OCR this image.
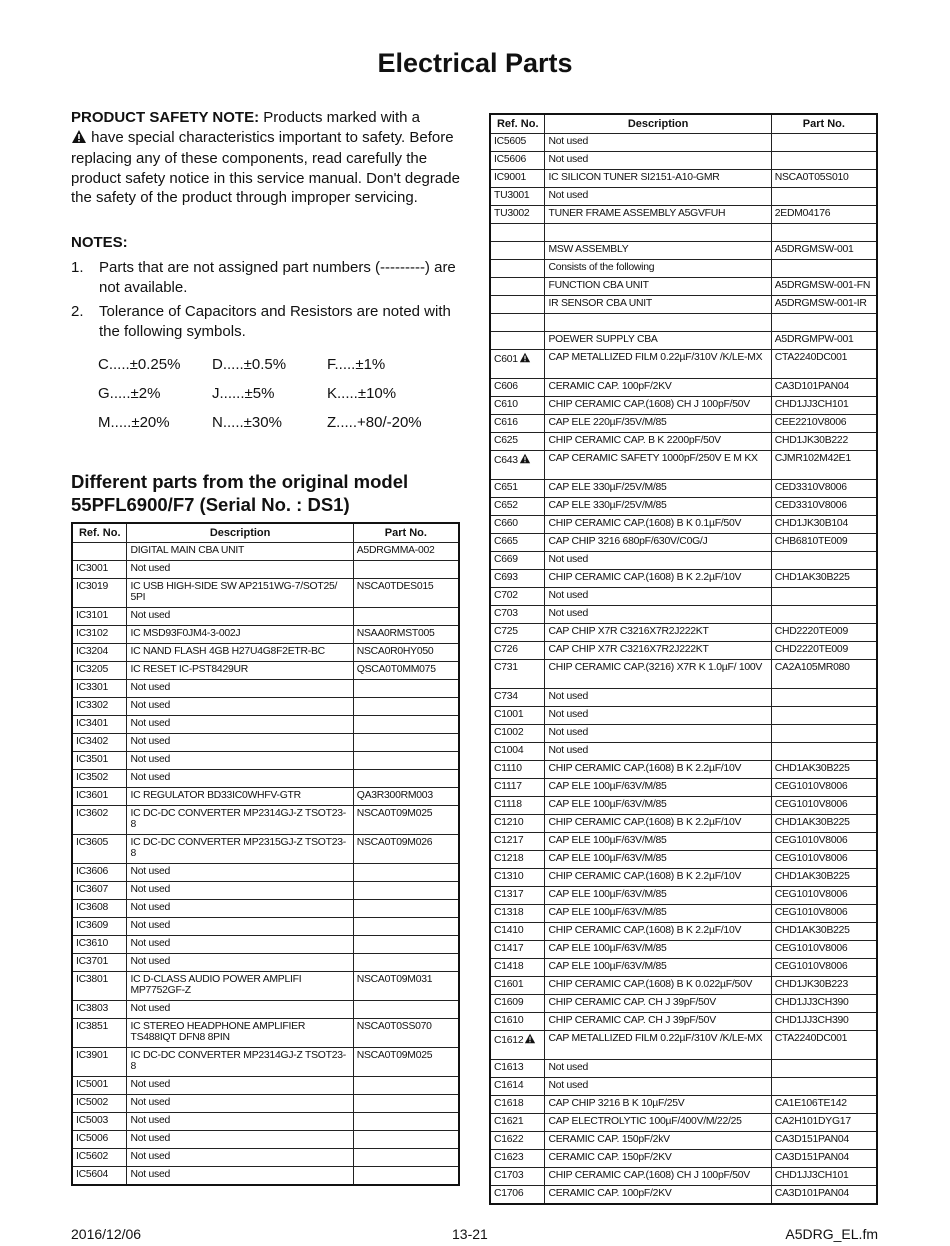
Electrical Parts
PRODUCT SAFETY NOTE: Products marked with a
have special characteristics important to safety. Before replacing any of these components, read carefully the product safety notice in this service manual. Don't degrade the safety of the product through improper servicing.
NOTES:
1. Parts that are not assigned part numbers (---------) are not available.
2. Tolerance of Capacitors and Resistors are noted with the following symbols.
C.....±0.25% D.....±0.5%	F.....±1%
G.....±2%	J......±5%	K.....±10%
M.....±20%	N.....±30%	Z.....+80/-20%
Different parts from the original model 55PFL6900/F7 (Serial No. : DS1)
Ref. No.	Description	Part No.
	DIGITAL MAIN CBA UNIT	A5DRGMMA-002
IC3001	Not used	
IC3019	IC USB HIGH-SIDE SW AP2151WG-7/SOT25/ 5PI	NSCA0TDES015
IC3101	Not used	
IC3102	IC MSD93F0JM4-3-002J	NSAA0RMST005
IC3204	IC NAND FLASH 4GB H27U4G8F2ETR-BC	NSCA0R0HY050
IC3205	IC RESET IC-PST8429UR	QSCA0T0MM075
IC3301	Not used	
IC3302	Not used	
IC3401	Not used	
IC3402	Not used	
IC3501	Not used	
IC3502	Not used	
IC3601	IC REGULATOR BD33IC0WHFV-GTR	QA3R300RM003
IC3602	IC DC-DC CONVERTER MP2314GJ-Z TSOT23-8	NSCA0T09M025
IC3605	IC DC-DC CONVERTER MP2315GJ-Z TSOT23-8	NSCA0T09M026
IC3606	Not used	
IC3607	Not used	
IC3608	Not used	
IC3609	Not used	
IC3610	Not used	
IC3701	Not used	
IC3801	IC D-CLASS AUDIO POWER AMPLIFI MP7752GF-Z	NSCA0T09M031
IC3803	Not used	
IC3851	IC STEREO HEADPHONE AMPLIFIER TS488IQT DFN8 8PIN	NSCA0T0SS070
IC3901	IC DC-DC CONVERTER MP2314GJ-Z TSOT23-8	NSCA0T09M025
IC5001	Not used	
IC5002	Not used	
IC5003	Not used	
IC5006	Not used	
IC5602	Not used	
IC5604	Not used	
Ref. No.	Description	Part No.
IC5605	Not used	
IC5606	Not used	
IC9001	IC SILICON TUNER SI2151-A10-GMR	NSCA0T05S010
TU3001	Not used	
TU3002	TUNER FRAME ASSEMBLY A5GVFUH	2EDM04176

	MSW ASSEMBLY	A5DRGMSW-001
	Consists of the following	
	FUNCTION CBA UNIT	A5DRGMSW-001-FN
	IR SENSOR CBA UNIT	A5DRGMSW-001-IR

	POEWER SUPPLY CBA	A5DRGMPW-001
C601	CAP METALLIZED FILM 0.22µF/310V /K/LE-MX	CTA2240DC001
C606	CERAMIC CAP. 100pF/2KV	CA3D101PAN04
C610	CHIP CERAMIC CAP.(1608) CH J 100pF/50V	CHD1JJ3CH101
C616	CAP ELE 220µF/35V/M/85	CEE2210V8006
C625	CHIP CERAMIC CAP. B K 2200pF/50V	CHD1JK30B222
C643	CAP CERAMIC SAFETY 1000pF/250V E M KX	CJMR102M42E1
C651	CAP ELE 330µF/25V/M/85	CED3310V8006
C652	CAP ELE 330µF/25V/M/85	CED3310V8006
C660	CHIP CERAMIC CAP.(1608) B K 0.1µF/50V	CHD1JK30B104
C665	CAP CHIP 3216 680pF/630V/C0G/J	CHB6810TE009
C669	Not used	
C693	CHIP CERAMIC CAP.(1608) B K 2.2µF/10V	CHD1AK30B225
C702	Not used	
C703	Not used	
C725	CAP CHIP X7R C3216X7R2J222KT	CHD2220TE009
C726	CAP CHIP X7R C3216X7R2J222KT	CHD2220TE009
C731	CHIP CERAMIC CAP.(3216) X7R K 1.0µF/ 100V	CA2A105MR080
C734	Not used	
C1001	Not used	
C1002	Not used	
C1004	Not used	
C1110	CHIP CERAMIC CAP.(1608) B K 2.2µF/10V	CHD1AK30B225
C1117	CAP ELE 100µF/63V/M/85	CEG1010V8006
C1118	CAP ELE 100µF/63V/M/85	CEG1010V8006
C1210	CHIP CERAMIC CAP.(1608) B K 2.2µF/10V	CHD1AK30B225
C1217	CAP ELE 100µF/63V/M/85	CEG1010V8006
C1218	CAP ELE 100µF/63V/M/85	CEG1010V8006
C1310	CHIP CERAMIC CAP.(1608) B K 2.2µF/10V	CHD1AK30B225
C1317	CAP ELE 100µF/63V/M/85	CEG1010V8006
C1318	CAP ELE 100µF/63V/M/85	CEG1010V8006
C1410	CHIP CERAMIC CAP.(1608) B K 2.2µF/10V	CHD1AK30B225
C1417	CAP ELE 100µF/63V/M/85	CEG1010V8006
C1418	CAP ELE 100µF/63V/M/85	CEG1010V8006
C1601	CHIP CERAMIC CAP.(1608) B K 0.022µF/50V	CHD1JK30B223
C1609	CHIP CERAMIC CAP. CH J 39pF/50V	CHD1JJ3CH390
C1610	CHIP CERAMIC CAP. CH J 39pF/50V	CHD1JJ3CH390
C1612	CAP METALLIZED FILM 0.22µF/310V /K/LE-MX	CTA2240DC001
C1613	Not used	
C1614	Not used	
C1618	CAP CHIP 3216 B K 10µF/25V	CA1E106TE142
C1621	CAP ELECTROLYTIC 100µF/400V/M/22/25	CA2H101DYG17
C1622	CERAMIC CAP. 150pF/2kV	CA3D151PAN04
C1623	CERAMIC CAP. 150pF/2KV	CA3D151PAN04
C1703	CHIP CERAMIC CAP.(1608) CH J 100pF/50V	CHD1JJ3CH101
C1706	CERAMIC CAP. 100pF/2KV	CA3D101PAN04
2016/12/06	13-21	A5DRG_EL.fm
